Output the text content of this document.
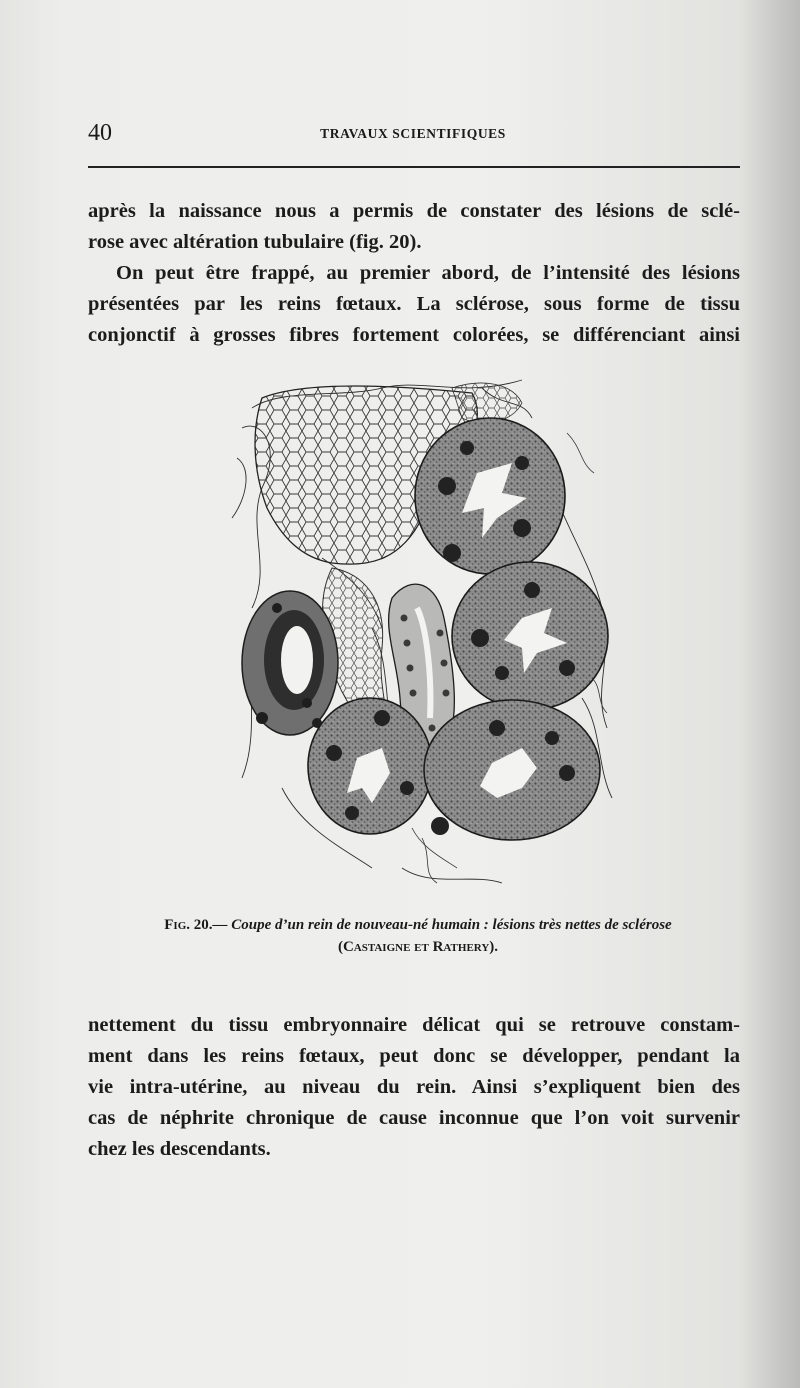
40	TRAVAUX SCIENTIFIQUES
après la naissance nous a permis de constater des lésions de sclé-
rose avec altération tubulaire (fig. 20).
On peut être frappé, au premier abord, de l’intensité des lésions
présentées par les reins fœtaux. La sclérose, sous forme de tissu
conjonctif à grosses fibres fortement colorées, se différenciant ainsi
Fig. 20.— Coupe d’un rein de nouveau-né humain : lésions très nettes de sclérose
(Castaigne et Rathery).
nettement du tissu embryonnaire délicat qui se retrouve constam-
ment dans les reins fœtaux, peut donc se développer, pendant la
vie intra-utérine, au niveau du rein. Ainsi s’expliquent bien des
cas de néphrite chronique de cause inconnue que l’on voit survenir
chez les descendants.
